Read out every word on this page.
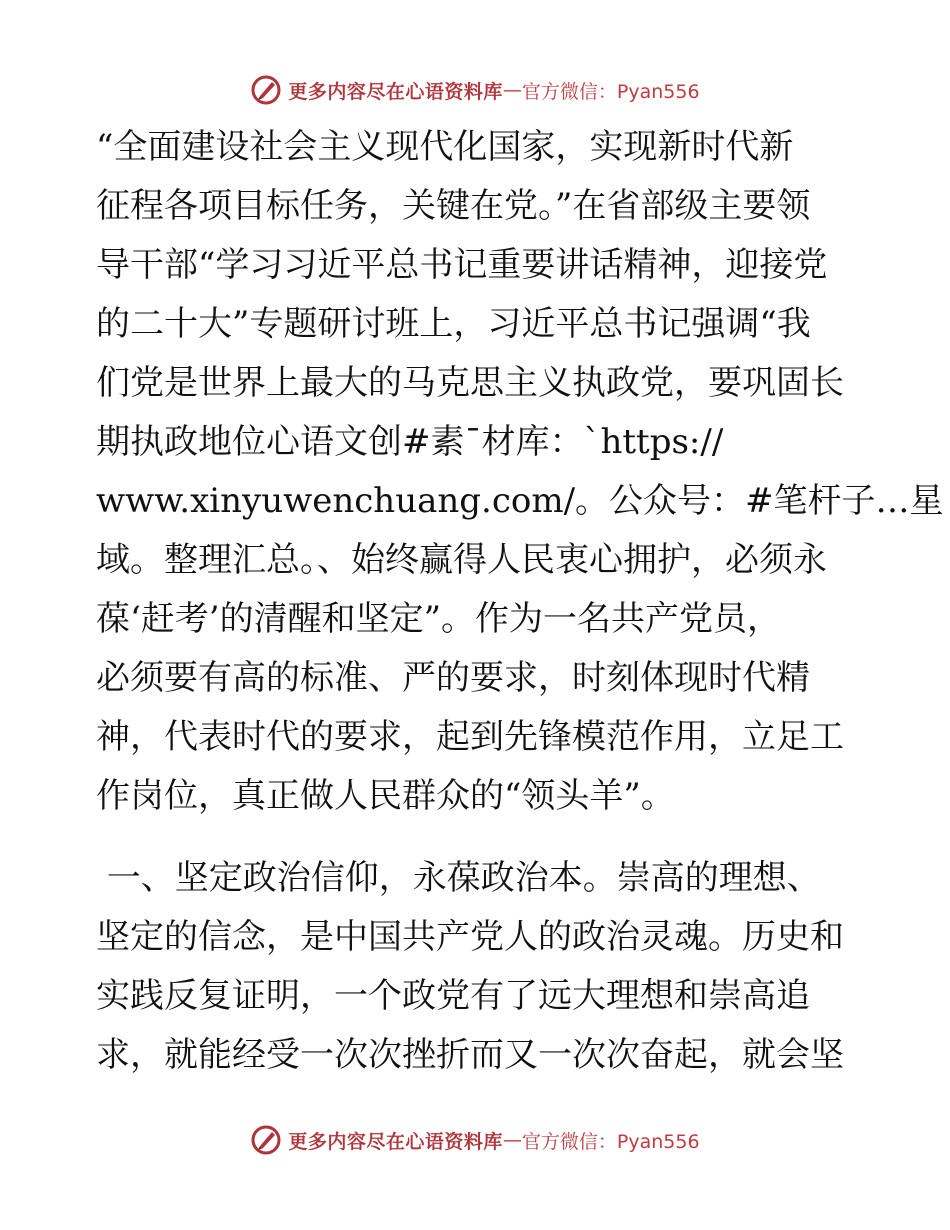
更多内容尽在心语资料库 — 官方微信：Pyan556
“全面建设社会主义现代化国家，实现新时代新
征程各项目标任务，关键在党。”在省部级主要领
导干部“学习习近平总书记重要讲话精神，迎接党
的二十大”专题研讨班上，习近平总书记强调“我
们党是世界上最大的马克思主义执政党，要巩固长
期执政地位心语文创#素¯材库：`https://
www.xinyuwenchuang.com/。公众号：#笔杆子…星
域。整理汇总。、始终赢得人民衷心拥护，必须永
葆‘赶考’的清醒和坚定”。作为一名共产党员，
必须要有高的标准、严的要求，时刻体现时代精
神，代表时代的要求，起到先锋模范作用，立足工
作岗位，真正做人民群众的“领头羊”。
一、坚定政治信仰，永葆政治本。崇高的理想、
坚定的信念，是中国共产党人的政治灵魂。历史和
实践反复证明，一个政党有了远大理想和崇高追
求，就能经受一次次挫折而又一次次奋起，就会坚
更多内容尽在心语资料库 — 官方微信：Pyan556
